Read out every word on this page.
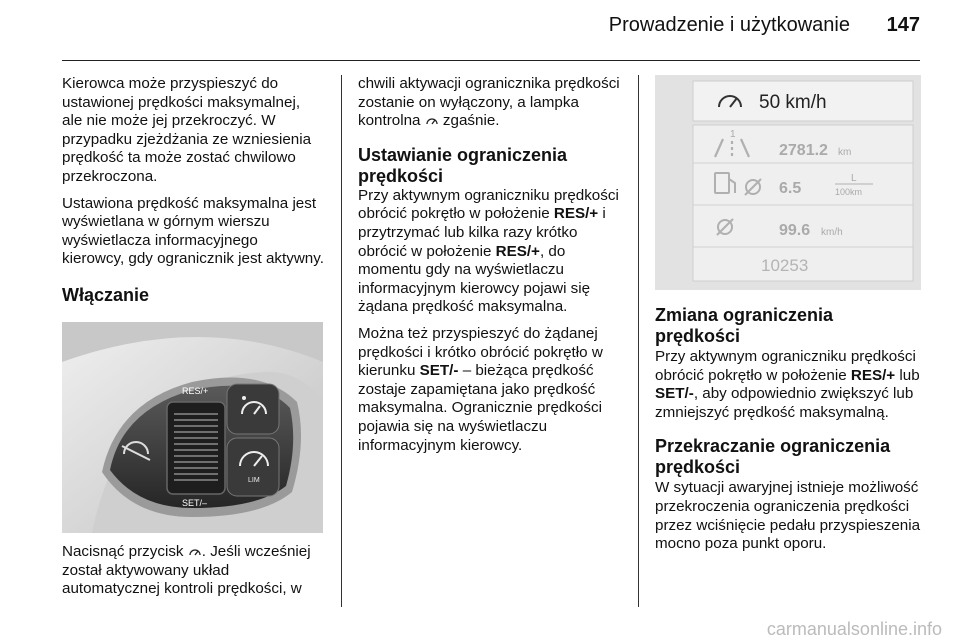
Prowadzenie i użytkowanie 147

Kierowca może przyspieszyć do ustawionej prędkości maksymalnej, ale nie może jej przekroczyć. W przypadku zjeżdżania ze wzniesienia prędkość ta może zostać chwilowo przekroczona.

Ustawiona prędkość maksymalna jest wyświetlana w górnym wierszu wyświetlacza informacyjnego kierowcy, gdy ogranicznik jest aktywny.

Włączanie
RES/+
SET/–
LIM

Nacisnąć przycisk . Jeśli wcześniej został aktywowany układ automatycznej kontroli prędkości, w

chwili aktywacji ogranicznika prędkości zostanie on wyłączony, a lampka kontrolna  zgaśnie.

Ustawianie ograniczenia prędkości

Przy aktywnym ograniczniku prędkości obrócić pokrętło w położenie RES/+ i przytrzymać lub kilka razy krótko obrócić w położenie RES/+, do momentu gdy na wyświetlaczu informacyjnym kierowcy pojawi się żądana prędkość maksymalna.

Można też przyspieszyć do żądanej prędkości i krótko obrócić pokrętło w kierunku SET/- – bieżąca prędkość zostaje zapamiętana jako prędkość maksymalna. Ogranicznie prędkości pojawia się na wyświetlaczu informacyjnym kierowcy.

50 km/h
1
2781.2 km
6.5
L
100km
99.6 km/h
10253
Zmiana ograniczenia prędkości

Przy aktywnym ograniczniku prędkości obrócić pokrętło w położenie RES/+ lub SET/-, aby odpowiednio zwiększyć lub zmniejszyć prędkość maksymalną.

Przekraczanie ograniczenia prędkości

W sytuacji awaryjnej istnieje możliwość przekroczenia ograniczenia prędkości przez wciśnięcie pedału przyspieszenia mocno poza punkt oporu.

carmanualsonline.info
